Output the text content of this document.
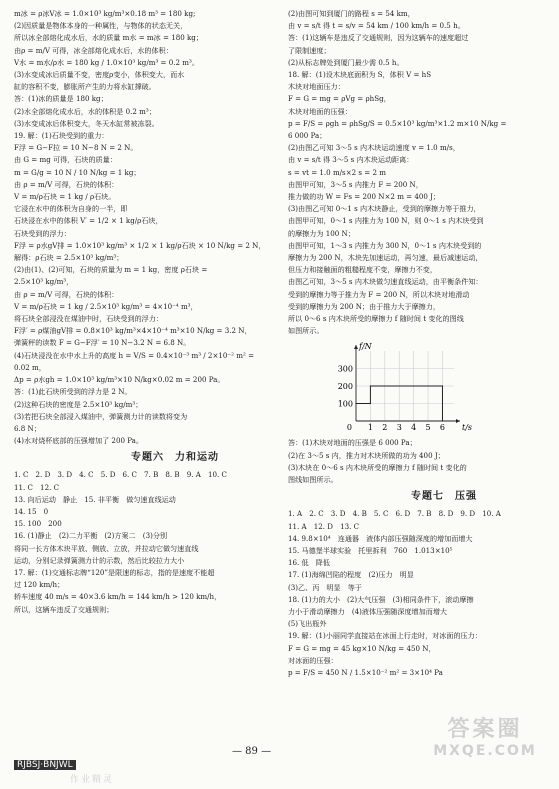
m冰 = ρ冰V冰 = 1.0×10³ kg/m³×0.18 m³ = 180 kg;

(2)因质量是物体本身的一种属性，与物体的状态无关，

所以冰全部熔化成水后，水的质量 m水 = m冰 = 180 kg；

由ρ = m/V 可得，冰全部熔化成水后，水的体积：

V水 = m水/ρ水 = 180 kg / 1.0×10³ kg/m³ = 0.2 m³。

(3)水变成冰后质量不变，密度ρ变小，体积变大，而水

缸的容积不变，膨胀所产生的力将水缸撑破。

答：(1)冰的质量是 180 kg；

(2)水全部熔化成水后，水的体积是 0.2 m³；

(3)水变成冰后体积变大，冬天水缸常被冻裂。

19. 解：(1)石块受到的重力：

F浮 = G−F拉 = 10 N−8 N = 2 N。

由 G = mg 可得，石块的质量：

m = G/g = 10 N / 10 N/kg = 1 kg；

由 ρ = m/V 可得，石块的体积：

V = m/ρ石块 = 1 kg / ρ石块。

它浸在水中的体积为自身的一半，即

石块浸在水中的体积 V′ = 1/2 × 1 kg/ρ石块，

石块受到的浮力：

F浮 = ρ水gV排 = 1.0×10³ kg/m³ × 1/2 × 1 kg/ρ石块 × 10 N/kg = 2 N，

解得：ρ石块 = 2.5×10³ kg/m³；

(2)由(1)、(2)可知，石块的质量为 m = 1 kg，密度 ρ石块 =

2.5×10³ kg/m³，

由 ρ = m/V 可得，石块的体积：

V = m/ρ石块 = 1 kg / 2.5×10³ kg/m³ = 4×10⁻⁴ m³，

将石块全部浸没在煤油中时，石块受到的浮力：

F浮′ = ρ煤油gV排 = 0.8×10³ kg/m³×4×10⁻⁴ m³×10 N/kg = 3.2 N，

弹簧秤的读数 F = G−F浮′ = 10 N−3.2 N = 6.8 N。

(4)石块浸没在水中水上升的高度 h = V/S = 0.4×10⁻³ m³ / 2×10⁻² m² =

0.02 m，

Δp = ρ水gh = 1.0×10³ kg/m³×10 N/kg×0.02 m = 200 Pa。

答：(1)此石块所受到的浮力是 2 N。

(2)这种石块的密度是 2.5×10³ kg/m³；

(3)若把石块全部浸入煤油中，弹簧测力计的读数将变为

6.8 N；

(4)水对烧杯底部的压强增加了 200 Pa。

专题六　力和运动

1. C　2. D　3. D　4. C　5. D　6. C　7. B　8. B　9. A　10. C

11. C　12. C

13. 向后运动　静止　15. 非平衡　做匀速直线运动

14. 15　0

15. 100　200

16. (1)静止　(2)二力平衡　(2)方案二　(3)分别

将同一长方体木块平放、侧放、立放，并拉动它做匀速直线

运动，分别记录弹簧测力计的示数，然后比较拉力大小

17. 解：(1)交通标志牌“120”是限速的标志，指的是速度不能超

过 120 km/h；

轿车速度 40 m/s = 40×3.6 km/h = 144 km/h > 120 km/h，

所以，这辆车违反了交通规则；

(2)由图可知到厦门的路程 s = 54 km，

由 v = s/t 得 t = s/v = 54 km / 100 km/h = 0.5 h。

答：(1)这辆车是违反了交通规则，因为这辆车的速度超过

了限制速度；

(2)从标志牌处到厦门最少需 0.5 h。

18. 解：(1)设木块底面积为 S，体积 V = hS

木块对地面压力：

F = G = mg = ρVg = ρhSg，

木块对地面的压强：

p = F/S = ρgh = ρhSg/S = 0.5×10³ kg/m³×1.2 m×10 N/kg =

6 000 Pa；

(2)由图乙可知 3～5 s 内木块运动速度 v = 1.0 m/s，

由 v = s/t 得 3～5 s 内木块运动距离：

s = vt = 1.0 m/s×2 s = 2 m

由图甲可知，3～5 s 内推力 F = 200 N，

推力做的功 W = Fs = 200 N×2 m = 400 J；

(3)由图乙可知 0～1 s 内木块静止，受到的摩擦力等于推力，

由图甲可知，0～1 s 内推力为 100 N，则 0～1 s 内木块受到

的摩擦力为 100 N；

由图甲可知，1～3 s 内推力为 300 N，0～1 s 内木块受到的

摩擦力为 200 N，木块先加速运动，再匀速，最后减速运动，

但压力和接触面的粗糙程度不变，摩擦力不变，

由图乙可知，3～5 s 内木块做匀速直线运动，由平衡条件知：

受到的摩擦力等于推力为 F = 200 N，所以木块对地滑动

受到的摩擦力为 200 N；由于推力大于摩擦力，

所以 0～6 s 内木块所受的摩擦力 f 随时间 t 变化的图线

如图所示。

1 2 3 4 5 6
100
200
300
0	t/s
f/N

答：(1)木块对地面的压强是 6 000 Pa；

(2)在 3～5 s 内，推力对木块所做的功为 400 J；

(3)木块在 0～6 s 内木块所受的摩擦力 f 随时间 t 变化的

图线如图所示。

专题七　压强

1. A　2. C　3. D　4. B　5. C　6. D　7. B　8. D　9. D　10. A

11. A　12. D　13. C

14. 9.8×10⁴　连通器　液体内部压强随深度的增加而增大

15. 马德堡半球实验　托里拆利　760　1.013×10⁵

16. 低　降低

17. (1)海绵凹陷的程度　(2)压力　明显

(3)乙、丙　明显　等于

18. (1)力的大小　(2)大气压强　(3)相同条件下，滚动摩擦

力小于滑动摩擦力　(4)液体压强随深度增加而增大

(5)飞出瓶外

19. 解：(1)小丽同学直接站在冰面上行走时，对冰面的压力：

F = G = mg = 45 kg×10 N/kg = 450 N，

对冰面的压强：

p = F/S = 450 N / 1.5×10⁻² m² = 3×10⁴ Pa

— 89 —
RJBSJ·BNJWL
作业精灵
答案圈
MXQE.COM
